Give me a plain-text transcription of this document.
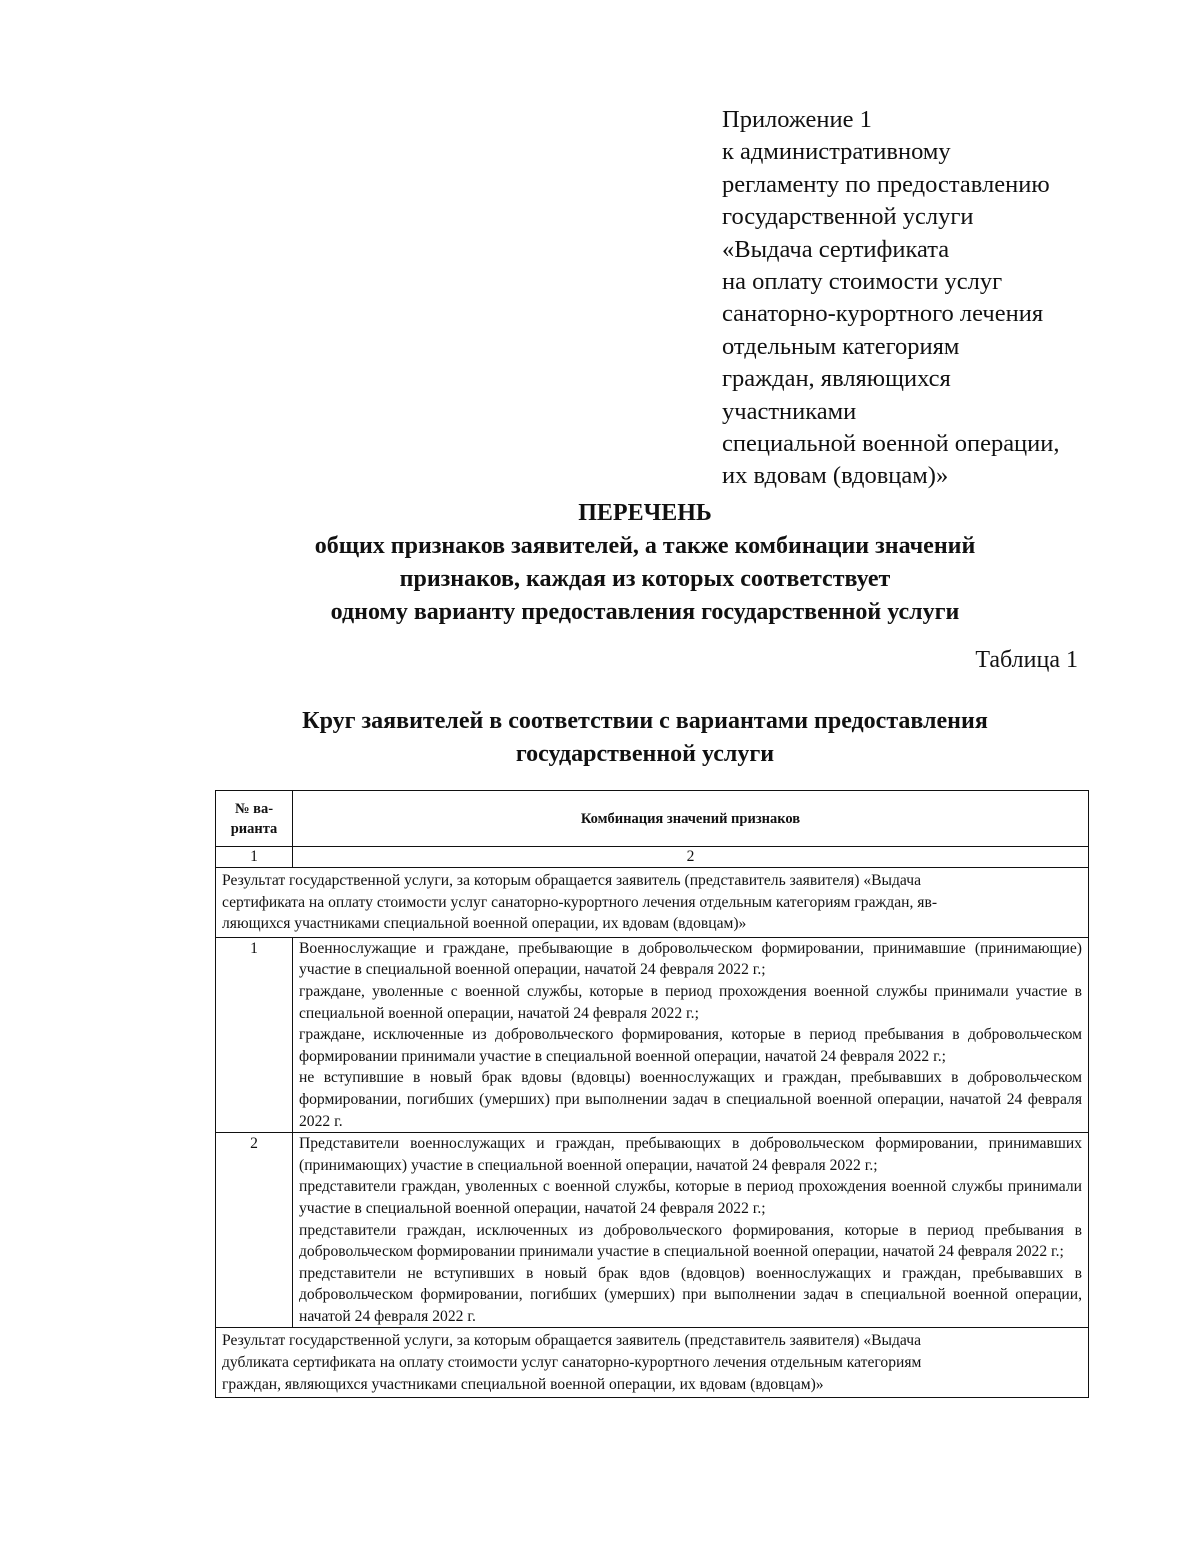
Приложение 1
к административному
регламенту по предоставлению
государственной услуги
«Выдача сертификата
на оплату стоимости услуг
санаторно-курортного лечения
отдельным категориям
граждан, являющихся
участниками
специальной военной операции,
их вдовам (вдовцам)»
ПЕРЕЧЕНЬ
общих признаков заявителей, а также комбинации значений
признаков, каждая из которых соответствует
одному варианту предоставления государственной услуги
Таблица 1
Круг заявителей в соответствии с вариантами предоставления
государственной услуги
№ ва-
рианта	Комбинация значений признаков
1	2

Результат государственной услуги, за которым обращается заявитель (представитель заявителя) «Выдача
сертификата на оплату стоимости услуг санаторно-курортного лечения отдельным категориям граждан, яв-
ляющихся участниками специальной военной операции, их вдовам (вдовцам)»	

1	Военнослужащие и граждане, пребывающие в добровольческом формировании, принимавшие (принимающие) участие в специальной военной операции, начатой 24 февраля 2022 г.;
граждане, уволенные с военной службы, которые в период прохождения военной службы принимали участие в специальной военной операции, начатой 24 февраля 2022 г.;
граждане, исключенные из добровольческого формирования, которые в период пребывания в добровольческом формировании принимали участие в специальной военной операции, начатой 24 февраля 2022 г.;
не вступившие в новый брак вдовы (вдовцы) военнослужащих и граждан, пребывавших в добровольческом формировании, погибших (умерших) при выполнении задач в специальной военной операции, начатой 24 февраля 2022 г.

2	Представители военнослужащих и граждан, пребывающих в добровольческом формировании, принимавших (принимающих) участие в специальной военной операции, начатой 24 февраля 2022 г.;
представители граждан, уволенных с военной службы, которые в период прохождения военной службы принимали участие в специальной военной операции, начатой 24 февраля 2022 г.;
представители граждан, исключенных из добровольческого формирования, которые в период пребывания в добровольческом формировании принимали участие в специальной военной операции, начатой 24 февраля 2022 г.;
представители не вступивших в новый брак вдов (вдовцов) военнослужащих и граждан, пребывавших в добровольческом формировании, погибших (умерших) при выполнении задач в специальной военной операции, начатой 24 февраля 2022 г.

Результат государственной услуги, за которым обращается заявитель (представитель заявителя) «Выдача
дубликата сертификата на оплату стоимости услуг санаторно-курортного лечения отдельным категориям
граждан, являющихся участниками специальной военной операции, их вдовам (вдовцам)»	
